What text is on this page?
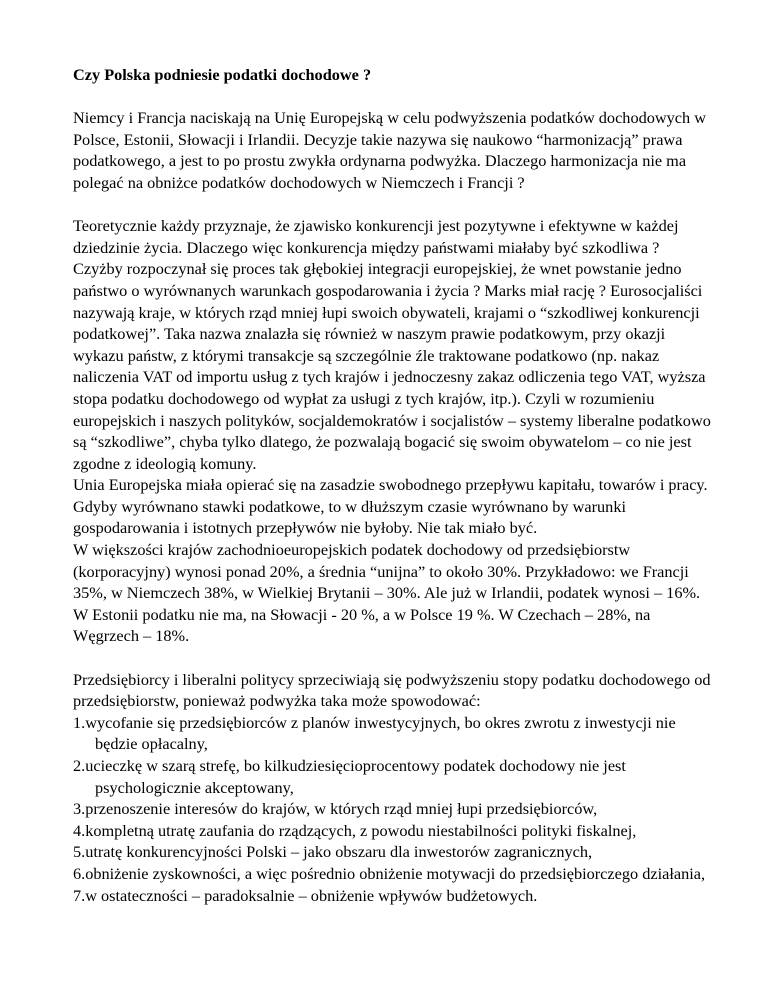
Czy Polska podniesie podatki dochodowe ?

Niemcy i Francja naciskają na Unię Europejską w celu podwyższenia podatków dochodowych w Polsce, Estonii, Słowacji i Irlandii. Decyzje takie nazywa się naukowo “harmonizacją” prawa podatkowego, a jest to po prostu zwykła ordynarna podwyżka. Dlaczego harmonizacja nie ma polegać na obniżce podatków dochodowych w Niemczech i Francji ?

Teoretycznie każdy przyznaje, że zjawisko konkurencji jest pozytywne i efektywne w każdej dziedzinie życia. Dlaczego więc konkurencja między państwami miałaby być szkodliwa ? Czyżby rozpoczynał się proces tak głębokiej integracji europejskiej, że wnet powstanie jedno państwo o wyrównanych warunkach gospodarowania i życia ? Marks miał rację ? Eurosocjaliści nazywają kraje, w których rząd mniej łupi swoich obywateli, krajami o “szkodliwej konkurencji podatkowej”. Taka nazwa znalazła się również w naszym prawie podatkowym, przy okazji wykazu państw, z którymi transakcje są szczególnie źle traktowane podatkowo (np. nakaz naliczenia VAT od importu usług z tych krajów i jednoczesny zakaz odliczenia tego VAT, wyższa stopa podatku dochodowego od wypłat za usługi z tych krajów, itp.). Czyli w rozumieniu europejskich i naszych polityków, socjaldemokratów i socjalistów – systemy liberalne podatkowo są “szkodliwe”, chyba tylko dlatego, że pozwalają bogacić się swoim obywatelom – co nie jest zgodne z ideologią komuny.

Unia Europejska miała opierać się na zasadzie swobodnego przepływu kapitału, towarów i pracy. Gdyby wyrównano stawki podatkowe, to w dłuższym czasie wyrównano by warunki gospodarowania i istotnych przepływów nie byłoby. Nie tak miało być.

W większości krajów zachodnioeuropejskich podatek dochodowy od przedsiębiorstw (korporacyjny) wynosi ponad 20%, a średnia “unijna” to około 30%. Przykładowo: we Francji 35%, w Niemczech 38%, w Wielkiej Brytanii – 30%. Ale już w Irlandii, podatek wynosi – 16%. W Estonii podatku nie ma, na Słowacji - 20 %, a w Polsce 19 %. W Czechach – 28%, na Węgrzech – 18%.

Przedsiębiorcy i liberalni politycy sprzeciwiają się podwyższeniu stopy podatku dochodowego od przedsiębiorstw, ponieważ podwyżka taka może spowodować:

1.wycofanie się przedsiębiorców z planów inwestycyjnych, bo okres zwrotu z inwestycji nie będzie opłacalny,
2.ucieczkę w szarą strefę, bo kilkudziesięcioprocentowy podatek dochodowy nie jest psychologicznie akceptowany,
3.przenoszenie interesów do krajów, w których rząd mniej łupi przedsiębiorców,
4.kompletną utratę zaufania do rządzących, z powodu niestabilności polityki fiskalnej,
5.utratę konkurencyjności Polski – jako obszaru dla inwestorów zagranicznych,
6.obniżenie zyskowności, a więc pośrednio obniżenie motywacji do przedsiębiorczego działania,
7.w ostateczności – paradoksalnie – obniżenie wpływów budżetowych.
